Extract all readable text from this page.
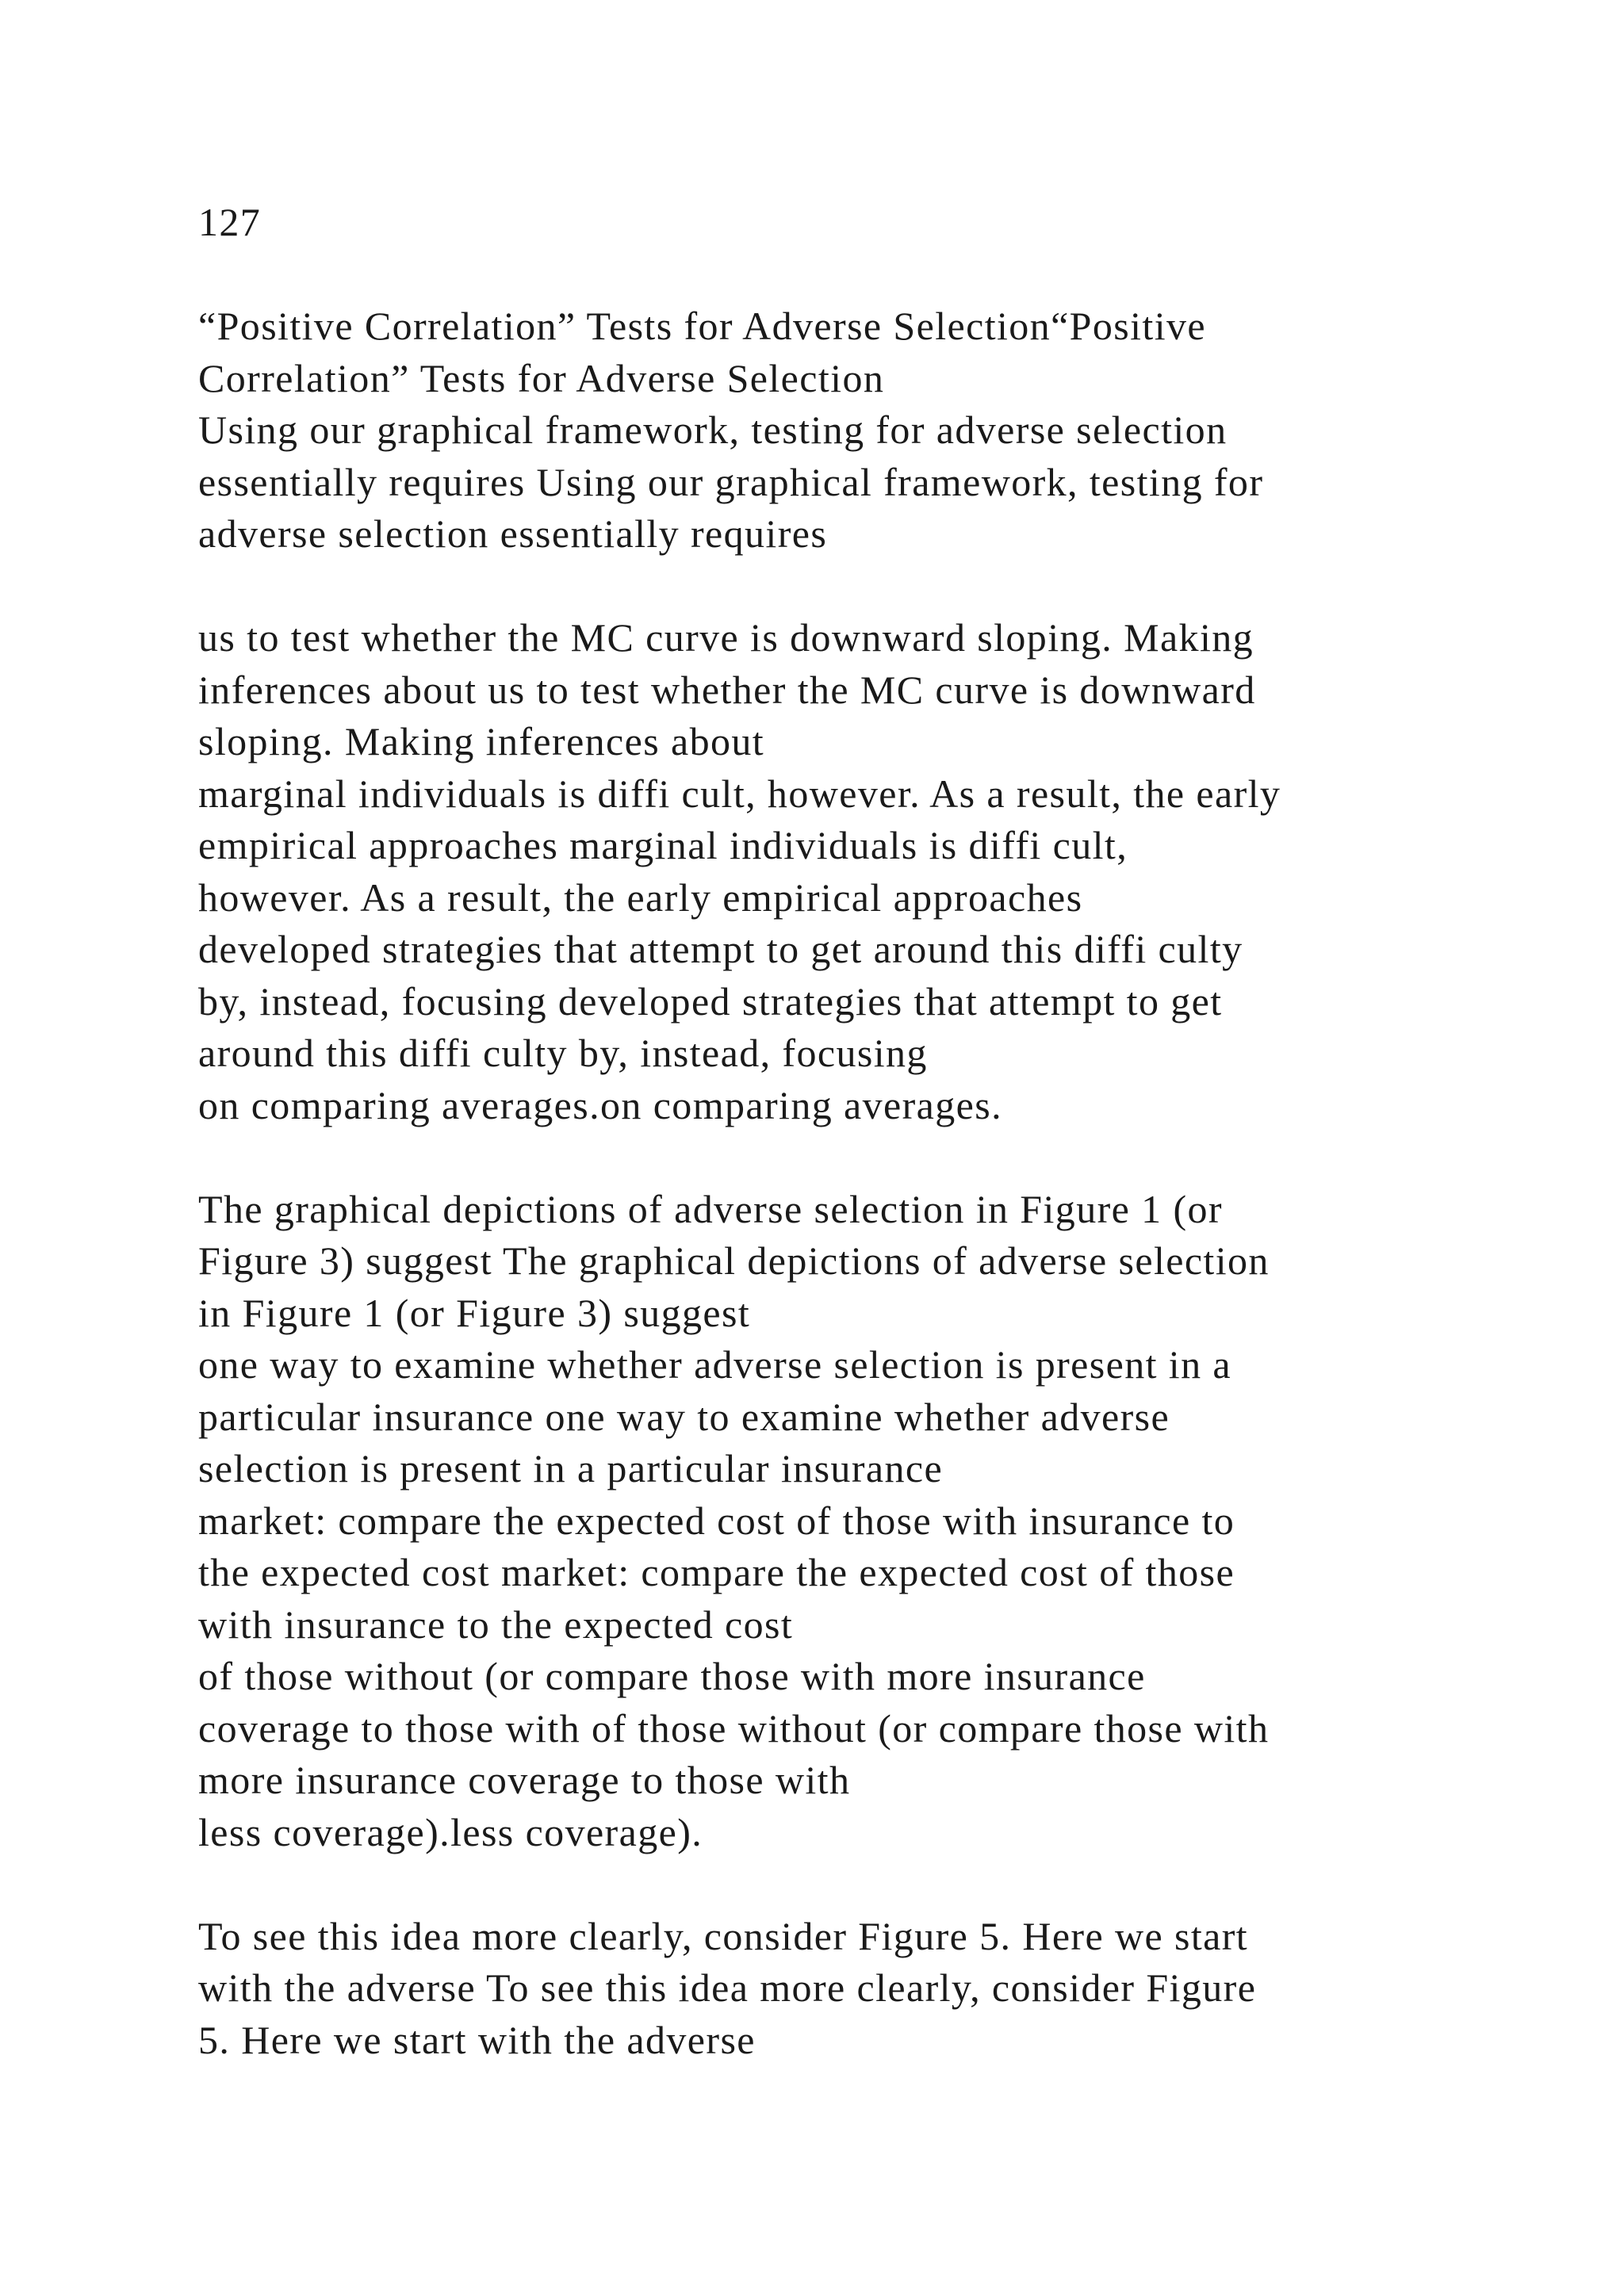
127
“Positive Correlation” Tests for Adverse Selection“Positive
Correlation” Tests for Adverse Selection
Using our graphical framework, testing for adverse selection
essentially requires Using our graphical framework, testing for
adverse selection essentially requires
us to test whether the MC curve is downward sloping. Making
inferences about us to test whether the MC curve is downward
sloping. Making inferences about
marginal individuals is diffi cult, however. As a result, the early
empirical approaches marginal individuals is diffi cult,
however. As a result, the early empirical approaches
developed strategies that attempt to get around this diffi culty
by, instead, focusing developed strategies that attempt to get
around this diffi culty by, instead, focusing
on comparing averages.on comparing averages.
The graphical depictions of adverse selection in Figure 1 (or
Figure 3) suggest The graphical depictions of adverse selection
in Figure 1 (or Figure 3) suggest
one way to examine whether adverse selection is present in a
particular insurance one way to examine whether adverse
selection is present in a particular insurance
market: compare the expected cost of those with insurance to
the expected cost market: compare the expected cost of those
with insurance to the expected cost
of those without (or compare those with more insurance
coverage to those with of those without (or compare those with
more insurance coverage to those with
less coverage).less coverage).
To see this idea more clearly, consider Figure 5. Here we start
with the adverse To see this idea more clearly, consider Figure
5. Here we start with the adverse
